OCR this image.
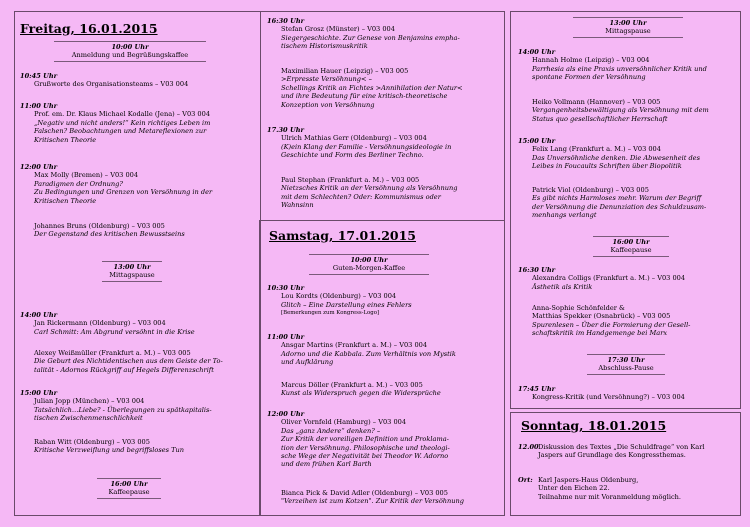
Freitag, 16.01.2015
10:00 Uhr
Anmeldung und Begrüßungskaffee
10:45 Uhr
Grußworte des Organisationsteams – V03 004
11:00 Uhr
Prof. em. Dr. Klaus Michael Kodalle (Jena) – V03 004
„Negativ und nicht anders!“ Kein richtiges Leben im
Falschen? Beobachtungen und Metareflexionen zur
Kritischen Theorie
12:00 Uhr
Max Molly (Bremen) – V03 004
Paradigmen der Ordnung?
Zu Bedingungen und Grenzen von Versöhnung in der
Kritischen Theorie
Johannes Bruns (Oldenburg) – V03 005
Der Gegenstand des kritischen Bewusstseins
13:00 Uhr
Mittagspause
14:00 Uhr
Jan Rickermann (Oldenburg) – V03 004
Carl Schmitt: Am Abgrund versöhnt in die Krise
Alexey Weißmüller (Frankfurt a. M.) – V03 005
Die Geburt des Nichtidentischen aus dem Geiste der To-
talität - Adornos Rückgriff auf Hegels Differenzschrift
15:00 Uhr
Julian Jopp (München) – V03 004
Tatsächlich…Liebe? - Überlegungen zu spätkapitalis-
tischen Zwischenmenschlichkeit
Raban Witt (Oldenburg) – V03 005
Kritische Verzweiflung und begriffsloses Tun
16:00 Uhr
Kaffeepause
16:30 Uhr
Stefan Grosz (Münster) – V03 004
Siegergeschichte. Zur Genese von Benjamins empha-
tischem Historismuskritik
Maximilian Hauer (Leipzig) – V03 005
>Erpresste Versöhnung< –
Schellings Kritik an Fichtes >Annihilation der Natur<
und ihre Bedeutung für eine kritisch-theoretische
Konzeption von Versöhnung
17.30 Uhr
Ulrich Mathias Gerr (Oldenburg) – V03 004
(K)ein Klang der Familie - Versöhnungsideologie in
Geschichte und Form des Berliner Techno.
Paul Stephan (Frankfurt a. M.) – V03 005
Nietzsches Kritik an der Versöhnung als Versöhnung
mit dem Schlechten? Oder: Kommunismus oder
Wahnsinn
Samstag, 17.01.2015
10:00 Uhr
Guten-Morgen-Kaffee
10:30 Uhr
Lou Kordts (Oldenburg) – V03 004
Glitch – Eine Darstellung eines Fehlers
[Bemerkungen zum Kongress-Logo]
11:00 Uhr
Ansgar Martins (Frankfurt a. M.) – V03 004
Adorno und die Kabbala. Zum Verhältnis von Mystik
und Aufklärung
Marcus Döller (Frankfurt a. M.) – V03 005
Kunst als Widerspruch gegen die Widersprüche
12:00 Uhr
Oliver Vornfeld (Hamburg) – V03 004
Das „ganz Andere“ denken? –
Zur Kritik der voreiligen Definition und Proklama-
tion der Versöhnung. Philosophische und theologi-
sche Wege der Negativität bei Theodor W. Adorno
und dem frühen Karl Barth
Bianca Pick & David Adler (Oldenburg) – V03 005
"Verzeihen ist zum Kotzen". Zur Kritik der Versöhnung
13:00 Uhr
Mittagspause
14:00 Uhr
Hannah Holme (Leipzig) – V03 004
Parrhesia als eine Praxis unversöhnlicher Kritik und
spontane Formen der Versöhnung
Heiko Vollmann (Hannover) – V03 005
Vergangenheitsbewältigung als Versöhnung mit dem
Status quo gesellschaftlicher Herrschaft
15:00 Uhr
Felix Lang (Frankfurt a. M.) – V03 004
Das Unversöhnliche denken. Die Abwesenheit des
Leibes in Foucaults Schriften über Biopolitik
Patrick Viol (Oldenburg) – V03 005
Es gibt nichts Harmloses mehr. Warum der Begriff
der Versöhnung die Denunziation des Schuldzusam-
menhangs verlangt
16:00 Uhr
Kaffeepause
16:30 Uhr
Alexandra Colligs (Frankfurt a. M.) – V03 004
Ästhetik als Kritik
Anna-Sophie Schönfelder &
Matthias Spekker (Osnabrück) – V03 005
Spurenlesen – Über die Formierung der Gesell-
schaftskritik im Handgemenge bei Marx
17:30 Uhr
Abschluss-Pause
17:45 Uhr
Kongress-Kritik (und Versöhnung?) – V03 004
Sonntag, 18.01.2015
12.00 Diskussion des Textes „Die Schuldfrage“ von Karl
Jaspers auf Grundlage des Kongressthemas.
Ort: Karl Jaspers-Haus Oldenburg,
Unter den Eichen 22.
Teilnahme nur mit Voranmeldung möglich.
